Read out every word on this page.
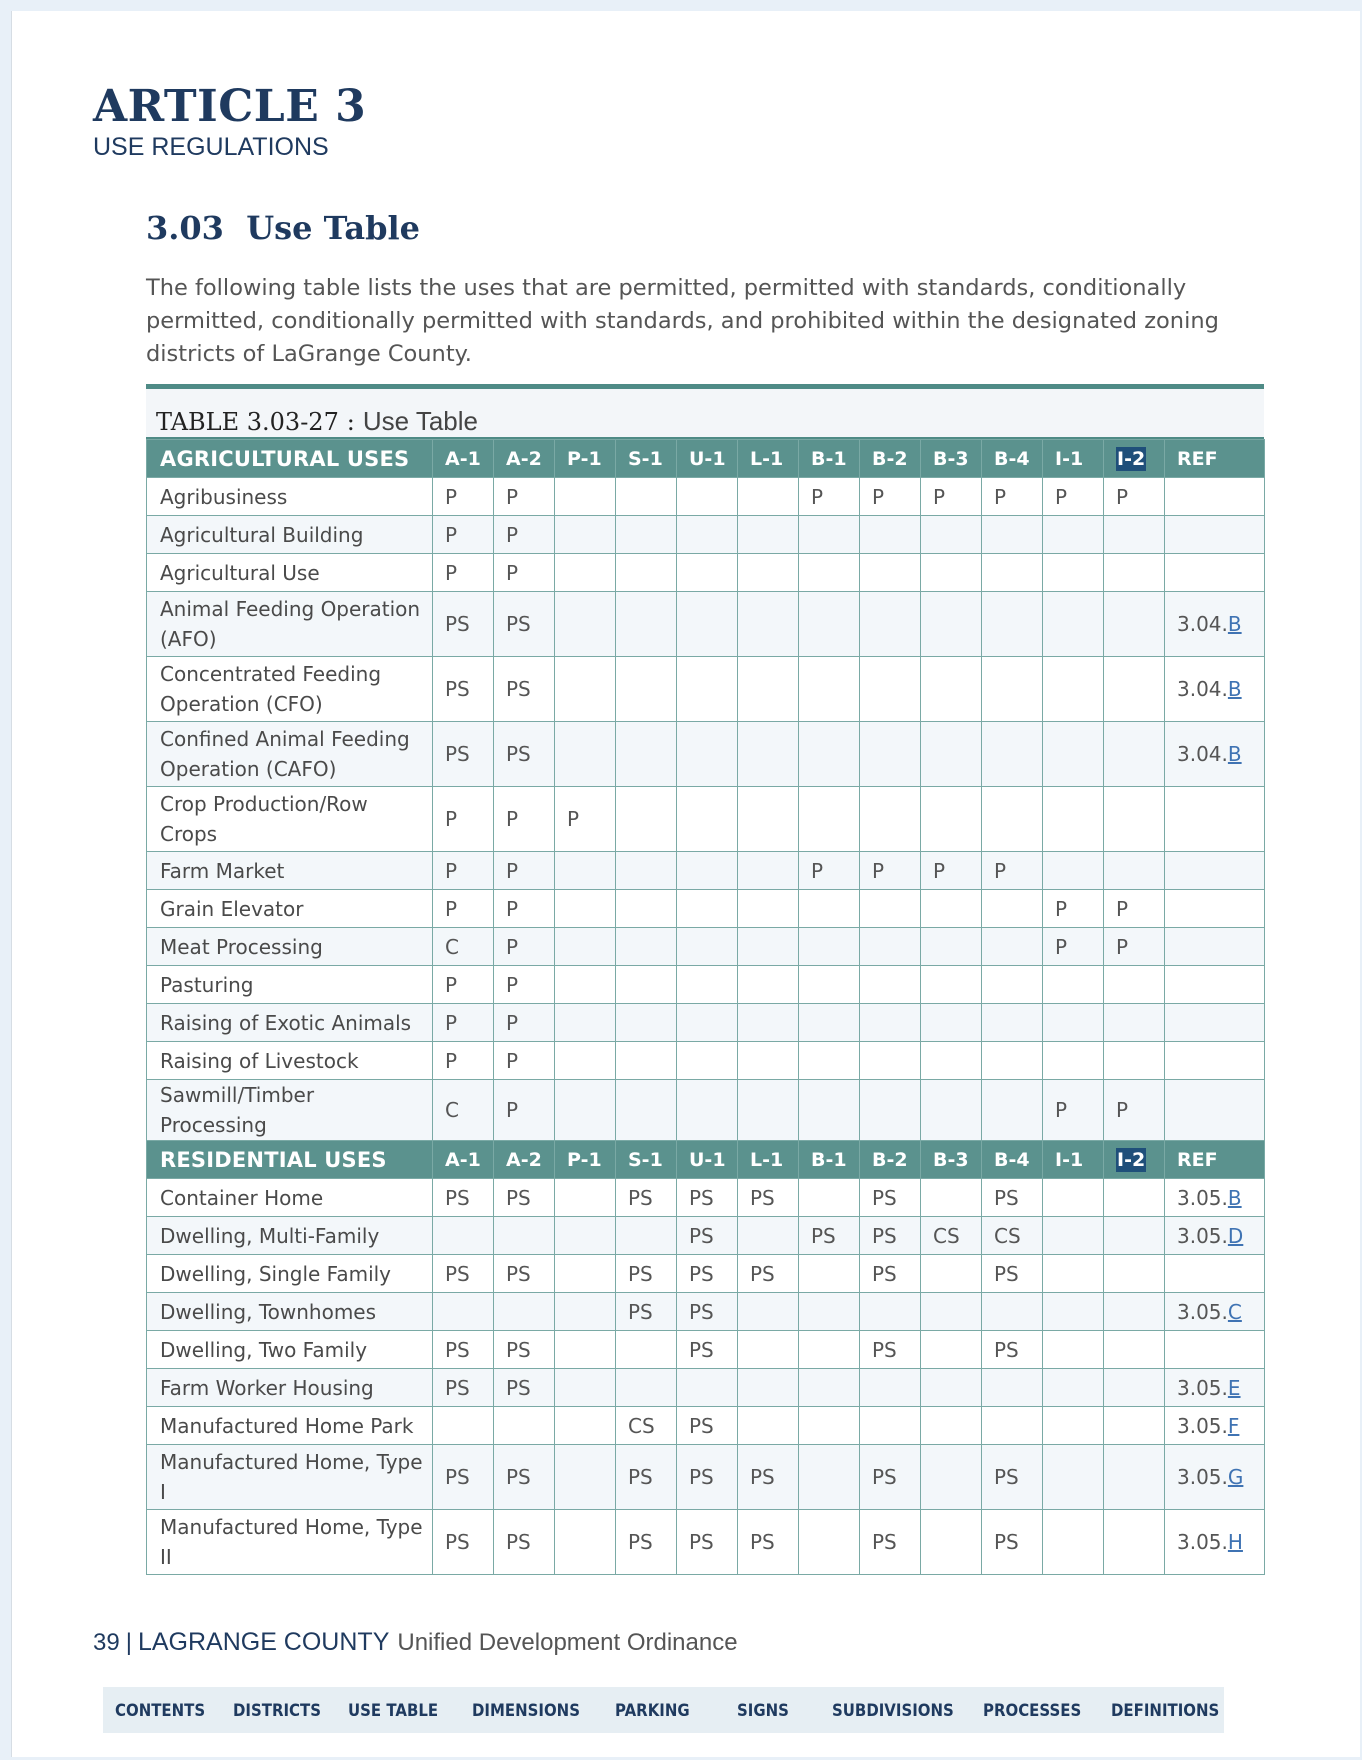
ARTICLE 3
USE REGULATIONS
3.03  Use Table
The following table lists the uses that are permitted, permitted with standards, conditionally permitted, conditionally permitted with standards, and prohibited within the designated zoning districts of LaGrange County.
TABLE 3.03-27 : Use Table
AGRICULTURAL USES	A-1	A-2	P-1	S-1	U-1	L-1	B-1	B-2	B-3	B-4	I-1	I-2	REF
Agribusiness	P	P					P	P	P	P	P	P	
Agricultural Building	P	P											
Agricultural Use	P	P											
Animal Feeding Operation (AFO)	PS	PS											3.04.B
Concentrated Feeding Operation (CFO)	PS	PS											3.04.B
Confined Animal Feeding Operation (CAFO)	PS	PS											3.04.B
Crop Production/Row Crops	P	P	P										
Farm Market	P	P					P	P	P	P			
Grain Elevator	P	P									P	P	
Meat Processing	C	P									P	P	
Pasturing	P	P											
Raising of Exotic Animals	P	P											
Raising of Livestock	P	P											
Sawmill/Timber Processing	C	P									P	P	
RESIDENTIAL USES	A-1	A-2	P-1	S-1	U-1	L-1	B-1	B-2	B-3	B-4	I-1	I-2	REF
Container Home	PS	PS		PS	PS	PS		PS		PS			3.05.B
Dwelling, Multi-Family					PS		PS	PS	CS	CS			3.05.D
Dwelling, Single Family	PS	PS		PS	PS	PS		PS		PS			
Dwelling, Townhomes				PS	PS								3.05.C
Dwelling, Two Family	PS	PS			PS			PS		PS			
Farm Worker Housing	PS	PS											3.05.E
Manufactured Home Park				CS	PS								3.05.F
Manufactured Home, Type I	PS	PS		PS	PS	PS		PS		PS			3.05.G
Manufactured Home, Type II	PS	PS		PS	PS	PS		PS		PS			3.05.H
39 | LAGRANGE COUNTY Unified Development Ordinance
CONTENTS DISTRICTS USE TABLE DIMENSIONS PARKING	SIGNS	SUBDIVISIONS PROCESSES DEFINITIONS
